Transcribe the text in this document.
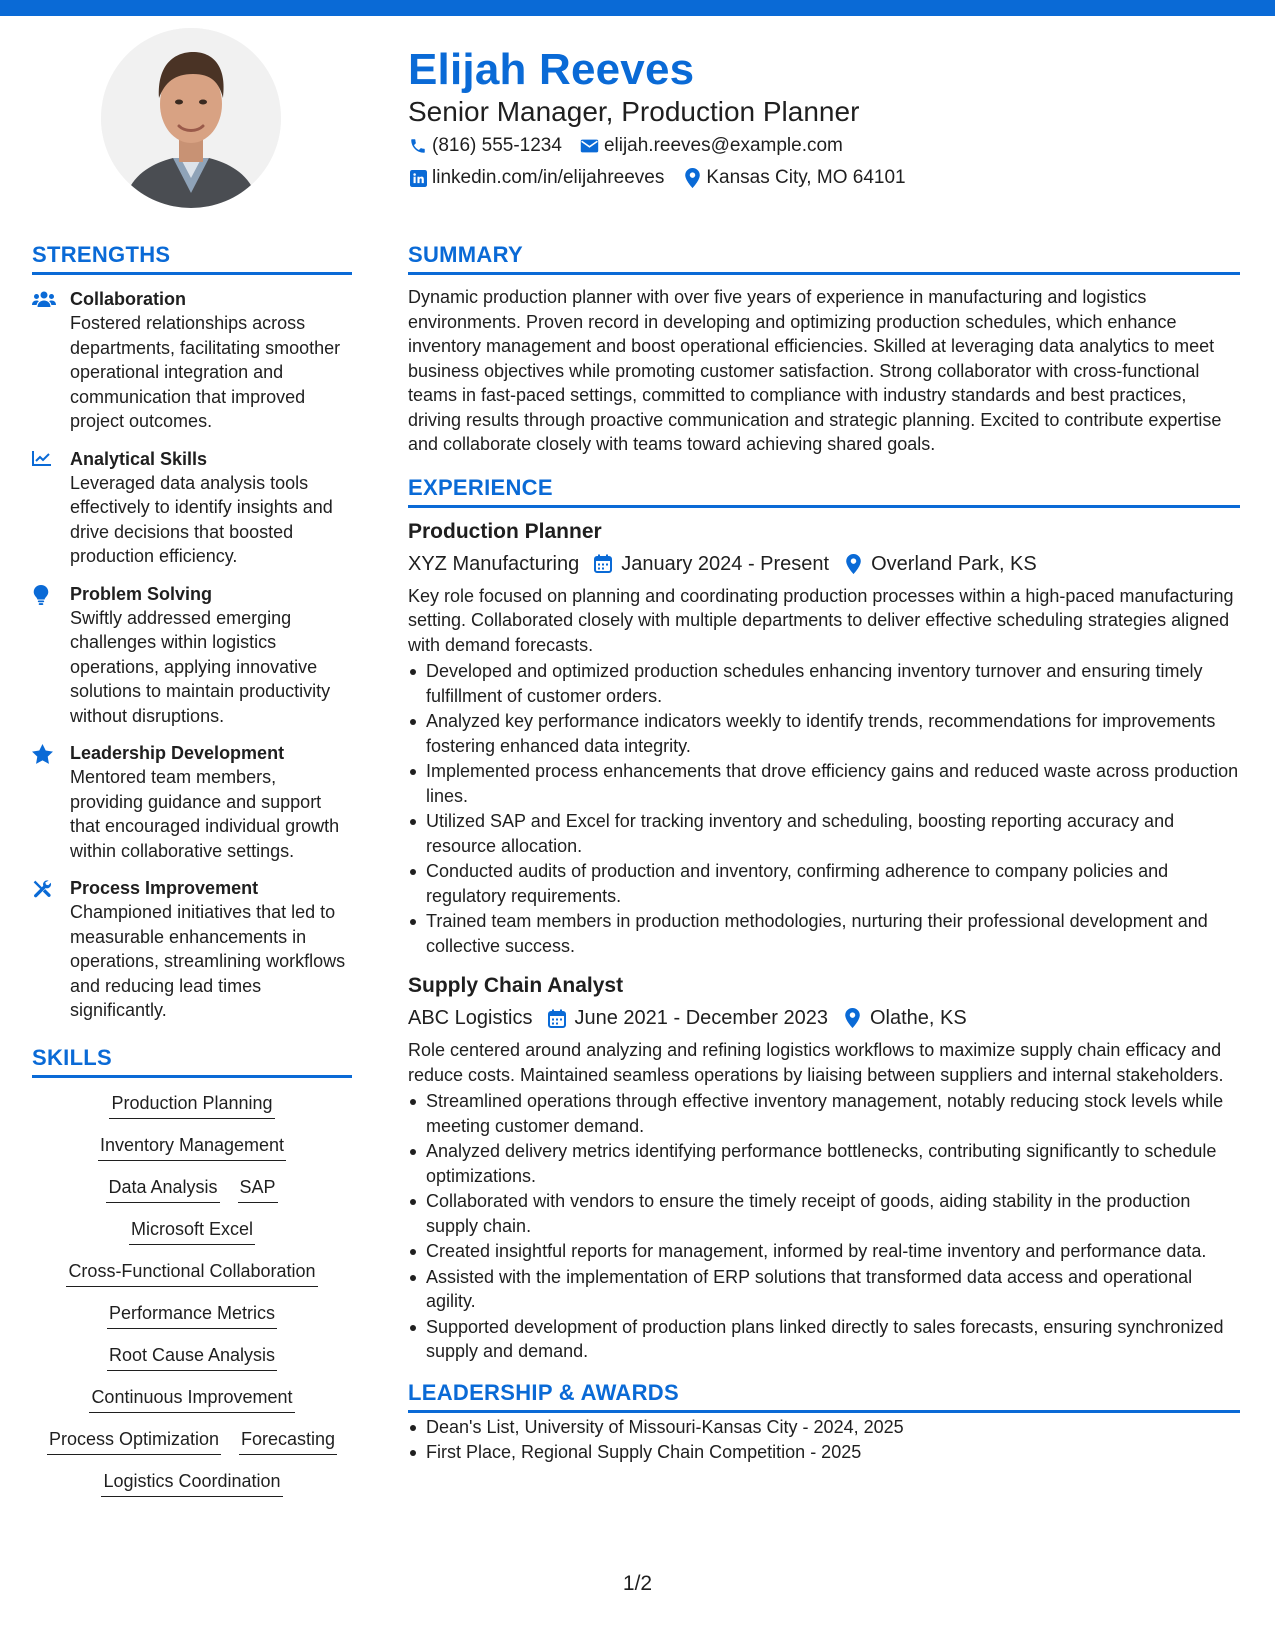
Elijah Reeves
Senior Manager, Production Planner
(816) 555-1234 elijah.reeves@example.com
linkedin.com/in/elijahreeves Kansas City, MO 64101
STRENGTHS
Collaboration
Fostered relationships across departments, facilitating smoother operational integration and communication that improved project outcomes.
Analytical Skills
Leveraged data analysis tools effectively to identify insights and drive decisions that boosted production efficiency.
Problem Solving
Swiftly addressed emerging challenges within logistics operations, applying innovative solutions to maintain productivity without disruptions.
Leadership Development
Mentored team members, providing guidance and support that encouraged individual growth within collaborative settings.
Process Improvement
Championed initiatives that led to measurable enhancements in operations, streamlining workflows and reducing lead times significantly.
SKILLS
Production Planning
Inventory Management
Data Analysis SAP
Microsoft Excel
Cross-Functional Collaboration
Performance Metrics
Root Cause Analysis
Continuous Improvement
Process Optimization Forecasting
Logistics Coordination
SUMMARY
Dynamic production planner with over five years of experience in manufacturing and logistics environments. Proven record in developing and optimizing production schedules, which enhance inventory management and boost operational efficiencies. Skilled at leveraging data analytics to meet business objectives while promoting customer satisfaction. Strong collaborator with cross-functional teams in fast-paced settings, committed to compliance with industry standards and best practices, driving results through proactive communication and strategic planning. Excited to contribute expertise and collaborate closely with teams toward achieving shared goals.
EXPERIENCE
Production Planner
XYZ Manufacturing January 2024 - Present Overland Park, KS
Key role focused on planning and coordinating production processes within a high-paced manufacturing setting. Collaborated closely with multiple departments to deliver effective scheduling strategies aligned with demand forecasts.
Developed and optimized production schedules enhancing inventory turnover and ensuring timely fulfillment of customer orders.
Analyzed key performance indicators weekly to identify trends, recommendations for improvements fostering enhanced data integrity.
Implemented process enhancements that drove efficiency gains and reduced waste across production lines.
Utilized SAP and Excel for tracking inventory and scheduling, boosting reporting accuracy and resource allocation.
Conducted audits of production and inventory, confirming adherence to company policies and regulatory requirements.
Trained team members in production methodologies, nurturing their professional development and collective success.
Supply Chain Analyst
ABC Logistics June 2021 - December 2023 Olathe, KS
Role centered around analyzing and refining logistics workflows to maximize supply chain efficacy and reduce costs. Maintained seamless operations by liaising between suppliers and internal stakeholders.
Streamlined operations through effective inventory management, notably reducing stock levels while meeting customer demand.
Analyzed delivery metrics identifying performance bottlenecks, contributing significantly to schedule optimizations.
Collaborated with vendors to ensure the timely receipt of goods, aiding stability in the production supply chain.
Created insightful reports for management, informed by real-time inventory and performance data.
Assisted with the implementation of ERP solutions that transformed data access and operational agility.
Supported development of production plans linked directly to sales forecasts, ensuring synchronized supply and demand.
LEADERSHIP & AWARDS
Dean's List, University of Missouri-Kansas City - 2024, 2025
First Place, Regional Supply Chain Competition - 2025
1/2
